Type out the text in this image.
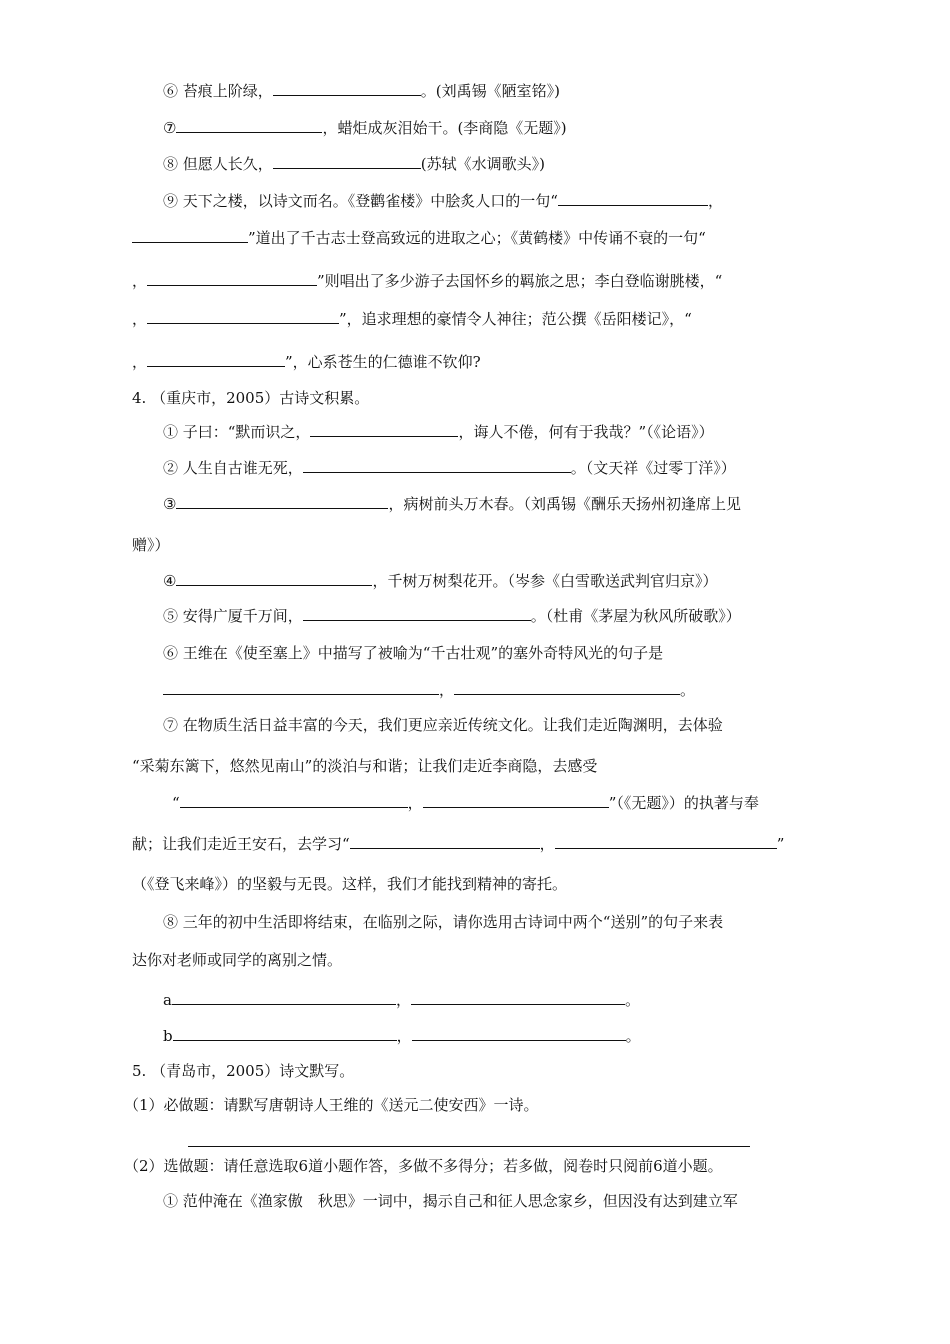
⑥ 苔痕上阶绿，	。(刘禹锡《陋室铭》)
⑦	，蜡炬成灰泪始干。(李商隐《无题》)
⑧ 但愿人长久，	(苏轼《水调歌头》)
⑨ 天下之楼，以诗文而名。《登鹳雀楼》中脍炙人口的一句“	，
”道出了千古志士登高致远的进取之心；《黄鹤楼》中传诵不衰的一句“
，	”则唱出了多少游子去国怀乡的羁旅之思；李白登临谢朓楼，“
，	”，追求理想的豪情令人神往；范公撰《岳阳楼记》，“
，	”，心系苍生的仁德谁不钦仰?
4. （重庆市，2005）古诗文积累。
① 子曰：“默而识之，	，诲人不倦，何有于我哉？”（《论语》）
② 人生自古谁无死，	。（文天祥《过零丁洋》）
③	，病树前头万木春。（刘禹锡《酬乐天扬州初逢席上见
赠》）
④	，千树万树梨花开。（岑参《白雪歌送武判官归京》）
⑤ 安得广厦千万间，	。（杜甫《茅屋为秋风所破歌》）
⑥ 王维在《使至塞上》中描写了被喻为“千古壮观”的塞外奇特风光的句子是
，	。
⑦ 在物质生活日益丰富的今天，我们更应亲近传统文化。让我们走近陶渊明，去体验
“采菊东篱下，悠然见南山”的淡泊与和谐；让我们走近李商隐，去感受
“	，	”（《无题》）的执著与奉
献；让我们走近王安石，去学习“	，	”
（《登飞来峰》）的坚毅与无畏。这样，我们才能找到精神的寄托。
⑧ 三年的初中生活即将结束，在临别之际，请你选用古诗词中两个“送别”的句子来表
达你对老师或同学的离别之情。
a	，	。
b	，	。
5. （青岛市，2005）诗文默写。
（1）必做题：请默写唐朝诗人王维的《送元二使安西》一诗。
（2）选做题：请任意选取6道小题作答，多做不多得分；若多做，阅卷时只阅前6道小题。
① 范仲淹在《渔家傲　秋思》一词中，揭示自己和征人思念家乡，但因没有达到建立军
